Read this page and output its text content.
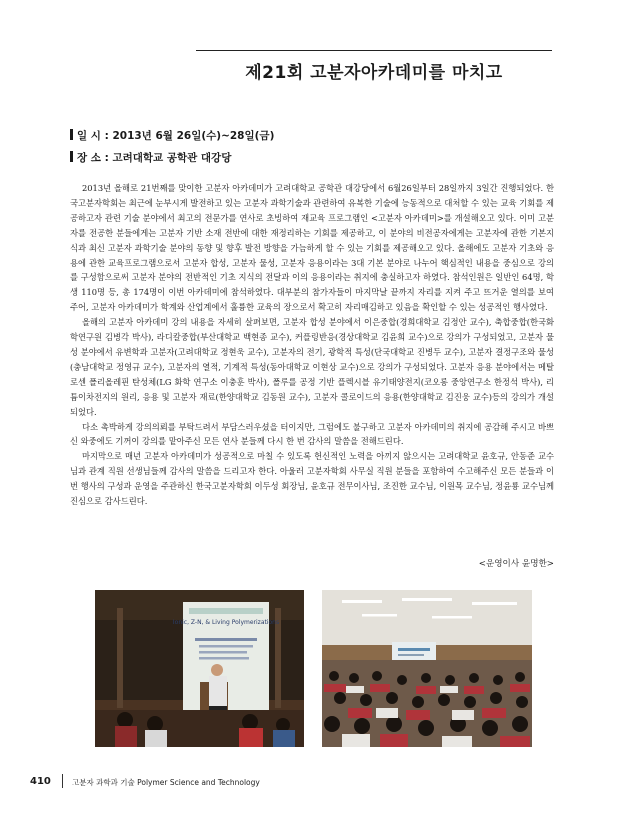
제21회 고분자아카데미를 마치고
일 시 : 2013년 6월 26일(수)~28일(금)
장 소 : 고려대학교 공학관 대강당

2013년 올해로 21번째를 맞이한 고분자 아카데미가 고려대학교 공학관 대강당에서 6월26일부터 28일까지 3일간 진행되었다. 한국고분자학회는 최근에 눈부시게 발전하고 있는 고분자 과학기술과 관련하여 유복한 기술에 능동적으로 대처할 수 있는 교육 기회를 제공하고자 관련 기술 분야에서 최고의 전문가를 연사로 초빙하여 재교육 프로그램인 <고분자 아카데미>를 개설해오고 있다. 이미 고분자를 전공한 분들에게는 고분자 기반 소재 전반에 대한 재정리하는 기회를 제공하고, 이 분야의 비전공자에게는 고분자에 관한 기본지식과 최신 고분자 과학기술 분야의 동향 및 향후 발전 방향을 가늠하게 할 수 있는 기회를 제공해오고 있다. 올해에도 고분자 기초와 응용에 관한 교육프로그램으로서 고분자 합성, 고분자 물성, 고분자 응용이라는 3대 기본 분야로 나누어 핵심적인 내용을 중심으로 강의를 구성함으로써 고분자 분야의 전반적인 기초 지식의 전달과 이의 응용이라는 취지에 충실하고자 하였다. 참석인원은 일반인 64명, 학생 110명 등, 총 174명이 이번 아카데미에 참석하였다. 대부분의 참가자들이 마지막날 끝까지 자리를 지켜 주고 뜨거운 열의를 보여 주어, 고분자 아카데미가 학계와 산업계에서 훌륭한 교육의 장으로서 확고히 자리매김하고 있음을 확인할 수 있는 성공적인 행사였다.

올해의 고분자 아카데미 강의 내용을 자세히 살펴보면, 고분자 합성 분야에서 이은중합(경희대학교 김정안 교수), 축합중합(한국화학연구원 김병각 박사), 라디칼중합(부산대학교 백현종 교수), 커플링반응(경상대학교 김윤희 교수)으로 강의가 구성되었고, 고분자 물성 분야에서 유변학과 고분자(고려대학교 정현욱 교수), 고분자의 전기, 광학적 특성(단국대학교 진병두 교수), 고분자 결정구조와 물성(충남대학교 정영규 교수), 고분자의 열적, 기계적 특성(동아대학교 이현상 교수)으로 강의가 구성되었다. 고분자 응용 분야에서는 메탈로센 폴리올레핀 탄성체(LG 화학 연구소 이충훈 박사), 폴루를 공정 기반 플렉시블 유기태양전지(코오롱 중앙연구소 한정석 박사), 리튬이차전지의 원리, 응용 및 고분자 재료(한양대학교 김동원 교수), 고분자 콜로이드의 응용(한양대학교 김진웅 교수)등의 강의가 개설되었다.

다소 촉박하게 강의의뢰를 부탁드려서 부담스러우셨을 터이지만, 그럼에도 불구하고 고분자 아카데미의 취지에 공감해 주시고 바쁘신 와중에도 기꺼이 강의를 맡아주신 모든 연사 분들께 다시 한 번 감사의 말씀을 전해드린다.

마지막으로 매년 고분자 아카데미가 성공적으로 마칠 수 있도록 헌신적인 노력을 아끼지 않으시는 고려대학교 윤호규, 안동준 교수님과 관계 직원 선생님들께 감사의 말씀을 드리고자 한다. 아울러 고분자학회 사무실 직원 분들을 포함하여 수고해주신 모든 분들과 이번 행사의 구성과 운영을 주관하신 한국고분자학회 이두성 회장님, 윤호규 전무이사님, 조진한 교수님, 이원목 교수님, 정윤룡 교수님께 진심으로 감사드린다.

<운영이사 윤명한>
Ionic, Z-N, & Living Polymerizations
410	고분자 과학과 기술 Polymer Science and Technology
